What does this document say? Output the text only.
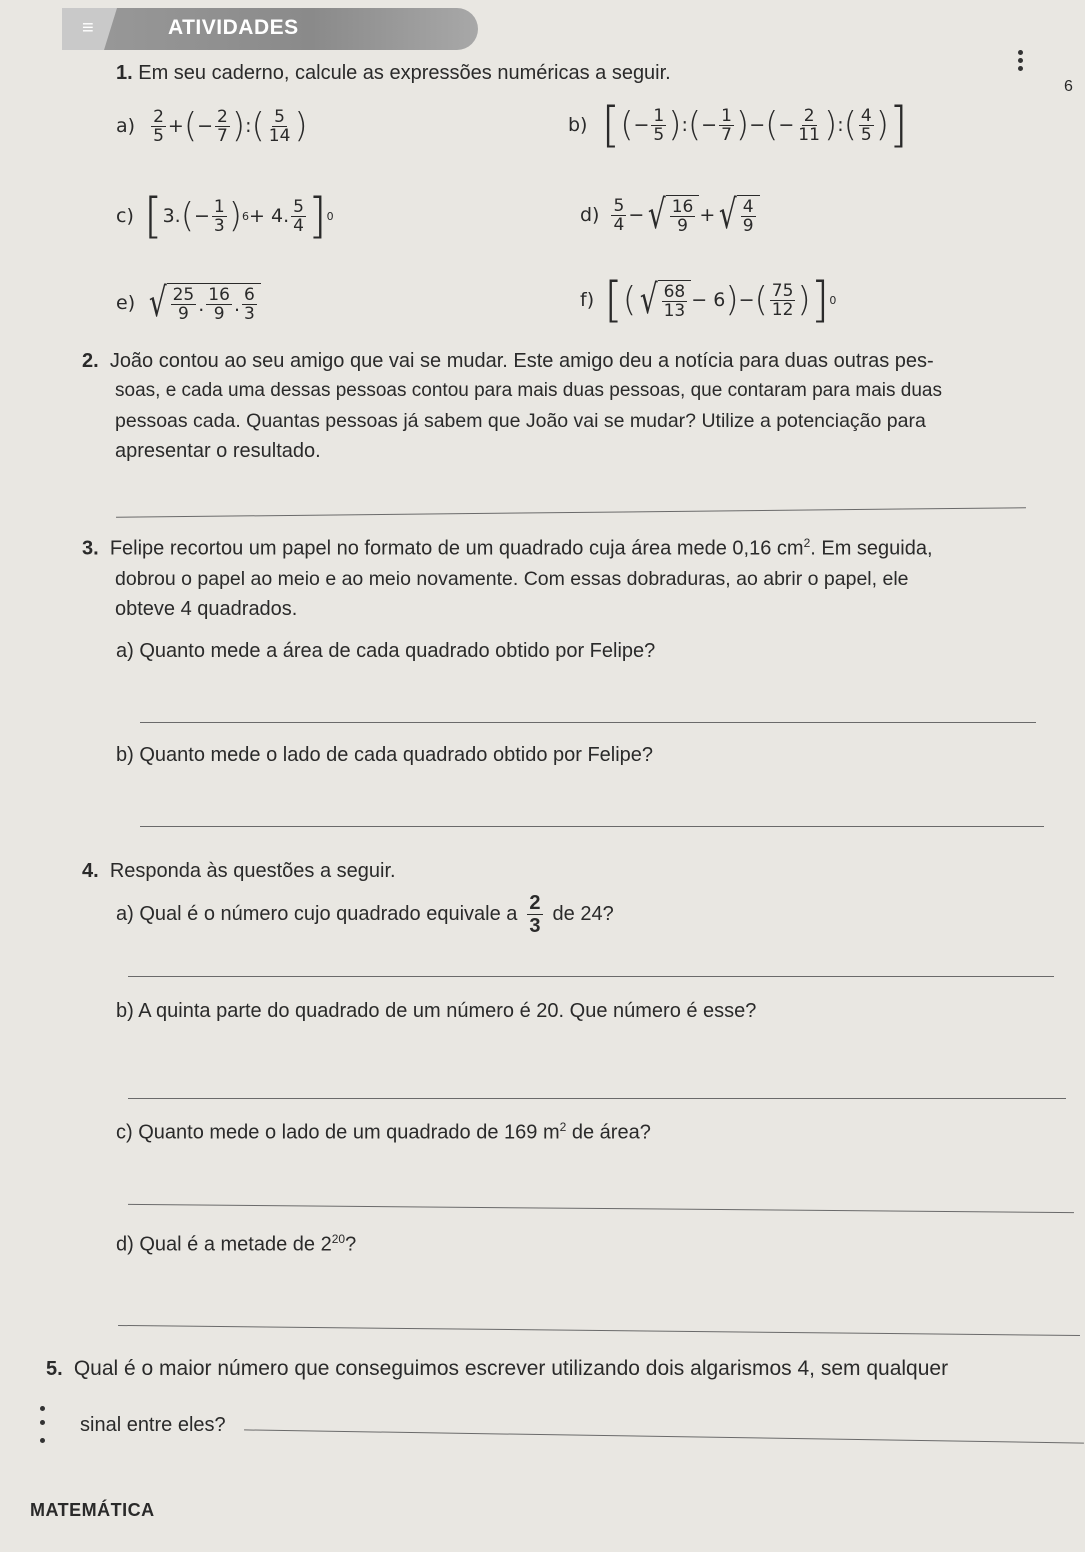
≡	ATIVIDADES
6
1. Em seu caderno, calcule as expressões numéricas a seguir.
$a) \frac{2}{5}$ + ( − $\frac{2}{7}$ ) : ( $\frac{5}{14}$ )	b) [ ( − $\frac{1}{5}$ ) : ( − $\frac{1}{7}$ ) − ( − $\frac{2}{11}$ ) : ( $\frac{4}{5}$ ) ]
c) [ 3. ( − $\frac{1}{3}$ ) 6 + 4. $\frac{5}{4}$ ] 0	$d) \frac{5}{4}$ − √ $\frac{16}{9}$ + √ $\frac{4}{9}$
e) √ $\frac{25}{9}$ . $\frac{16}{9}$ . $\frac{6}{3}$	f) [ ( √ $\frac{68}{13} - 6$ ) − ( $\frac{75}{12}$ ) ] 0
2. João contou ao seu amigo que vai se mudar. Este amigo deu a notícia para duas outras pes-
soas, e cada uma dessas pessoas contou para mais duas pessoas, que contaram para mais duas
pessoas cada. Quantas pessoas já sabem que João vai se mudar? Utilize a potenciação para
apresentar o resultado.
3. Felipe recortou um papel no formato de um quadrado cuja área mede 0,16 $cm^2$. Em seguida,
dobrou o papel ao meio e ao meio novamente. Com essas dobraduras, ao abrir o papel, ele
obteve 4 quadrados.
a) Quanto mede a área de cada quadrado obtido por Felipe?
b) Quanto mede o lado de cada quadrado obtido por Felipe?
4. Responda às questões a seguir.
a) Qual é o número cujo quadrado equivale a $\frac{2}{3}$ de 24?
b) A quinta parte do quadrado de um número é 20. Que número é esse?
c) Quanto mede o lado de um quadrado de 169 $m^2$ de área?
d) Qual é a metade de $2^{20}$?
5. Qual é o maior número que conseguimos escrever utilizando dois algarismos 4, sem qualquer
sinal entre eles?
MATEMÁTICA
